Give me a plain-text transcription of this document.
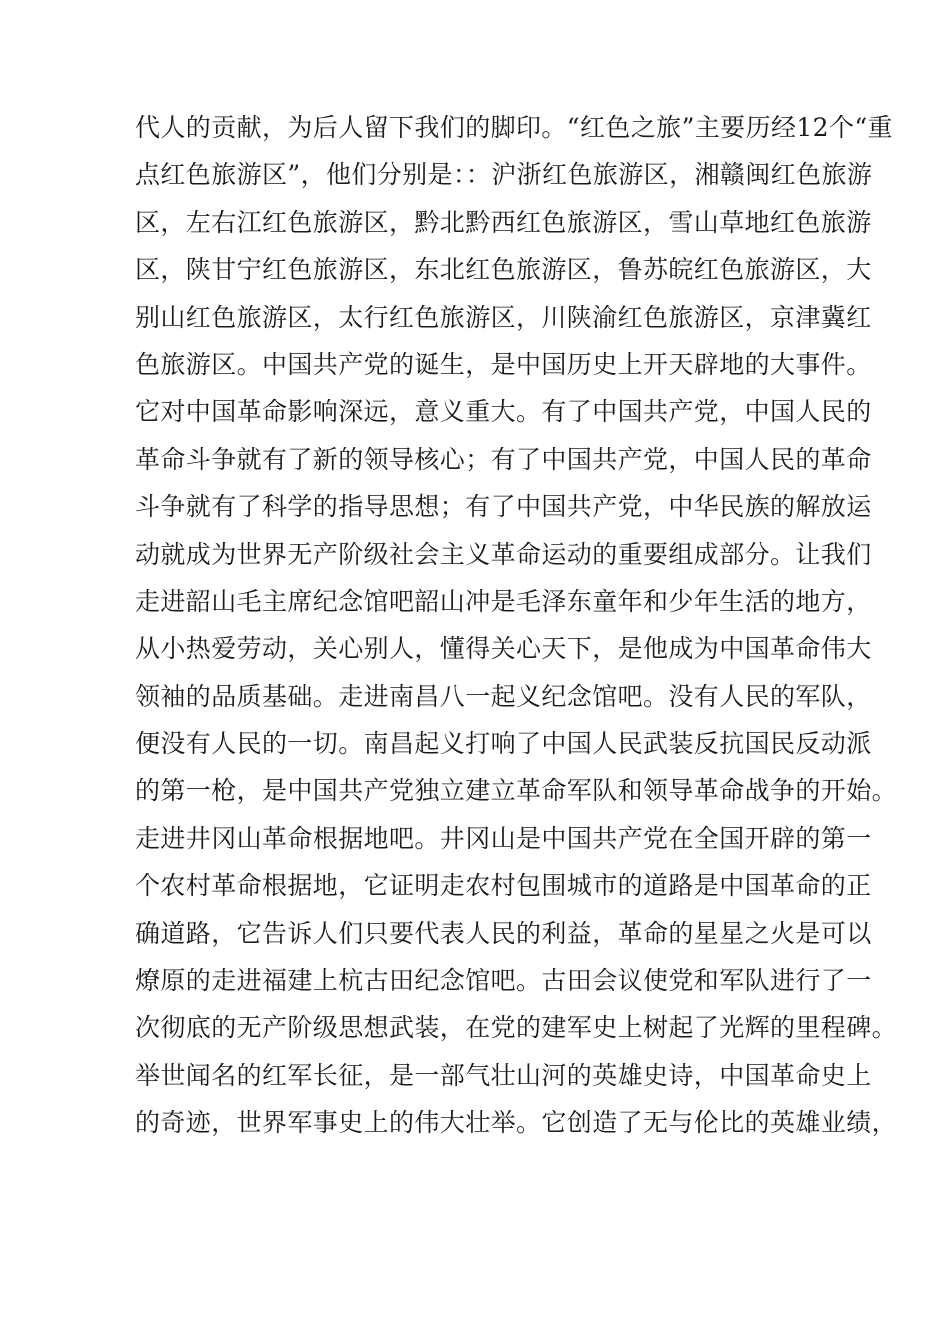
代人的贡献，为后人留下我们的脚印。“红色之旅”主要历经12个“重
点红色旅游区”，他们分别是：：沪浙红色旅游区，湘赣闽红色旅游
区，左右江红色旅游区，黔北黔西红色旅游区，雪山草地红色旅游
区，陕甘宁红色旅游区，东北红色旅游区，鲁苏皖红色旅游区，大
别山红色旅游区，太行红色旅游区，川陕渝红色旅游区，京津冀红
色旅游区。中国共产党的诞生，是中国历史上开天辟地的大事件。
它对中国革命影响深远，意义重大。有了中国共产党，中国人民的
革命斗争就有了新的领导核心；有了中国共产党，中国人民的革命
斗争就有了科学的指导思想；有了中国共产党，中华民族的解放运
动就成为世界无产阶级社会主义革命运动的重要组成部分。让我们
走进韶山毛主席纪念馆吧韶山冲是毛泽东童年和少年生活的地方，
从小热爱劳动，关心别人，懂得关心天下，是他成为中国革命伟大
领袖的品质基础。走进南昌八一起义纪念馆吧。没有人民的军队，
便没有人民的一切。南昌起义打响了中国人民武装反抗国民反动派
的第一枪，是中国共产党独立建立革命军队和领导革命战争的开始。
走进井冈山革命根据地吧。井冈山是中国共产党在全国开辟的第一
个农村革命根据地，它证明走农村包围城市的道路是中国革命的正
确道路，它告诉人们只要代表人民的利益，革命的星星之火是可以
燎原的走进福建上杭古田纪念馆吧。古田会议使党和军队进行了一
次彻底的无产阶级思想武装，在党的建军史上树起了光辉的里程碑。
举世闻名的红军长征，是一部气壮山河的英雄史诗，中国革命史上
的奇迹，世界军事史上的伟大壮举。它创造了无与伦比的英雄业绩，
